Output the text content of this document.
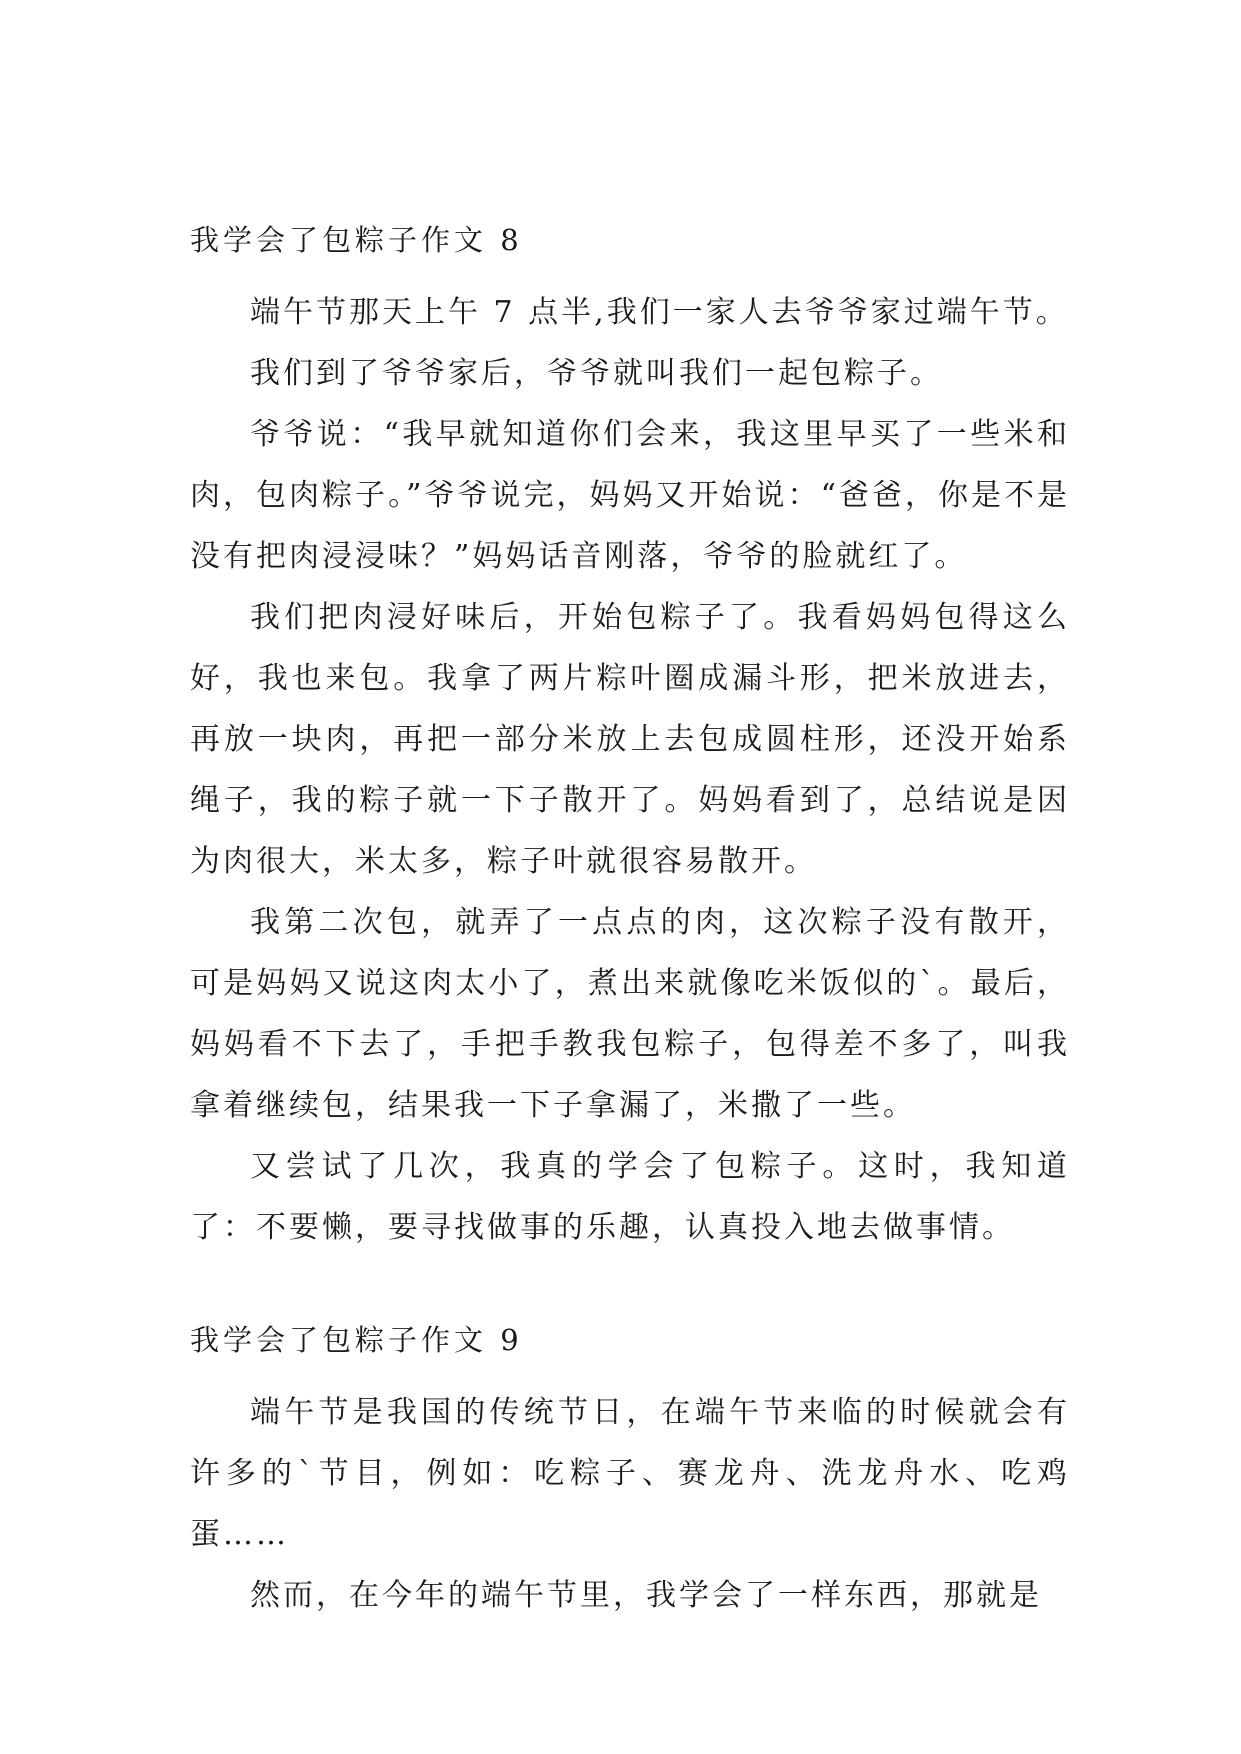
我学会了包粽子作文 8

端午节那天上午 7 点半,我们一家人去爷爷家过端午节。

我们到了爷爷家后，爷爷就叫我们一起包粽子。

爷爷说：“我早就知道你们会来，我这里早买了一些米和肉，包肉粽子。”爷爷说完，妈妈又开始说：“爸爸，你是不是没有把肉浸浸味？”妈妈话音刚落，爷爷的脸就红了。

我们把肉浸好味后，开始包粽子了。我看妈妈包得这么好，我也来包。我拿了两片粽叶圈成漏斗形，把米放进去，再放一块肉，再把一部分米放上去包成圆柱形，还没开始系绳子，我的粽子就一下子散开了。妈妈看到了，总结说是因为肉很大，米太多，粽子叶就很容易散开。

我第二次包，就弄了一点点的肉，这次粽子没有散开，可是妈妈又说这肉太小了，煮出来就像吃米饭似的`。最后，妈妈看不下去了，手把手教我包粽子，包得差不多了，叫我拿着继续包，结果我一下子拿漏了，米撒了一些。

又尝试了几次，我真的学会了包粽子。这时，我知道了：不要懒，要寻找做事的乐趣，认真投入地去做事情。

我学会了包粽子作文 9

端午节是我国的传统节日，在端午节来临的时候就会有许多的`节目，例如：吃粽子、赛龙舟、洗龙舟水、吃鸡蛋……

然而，在今年的端午节里，我学会了一样东西，那就是
